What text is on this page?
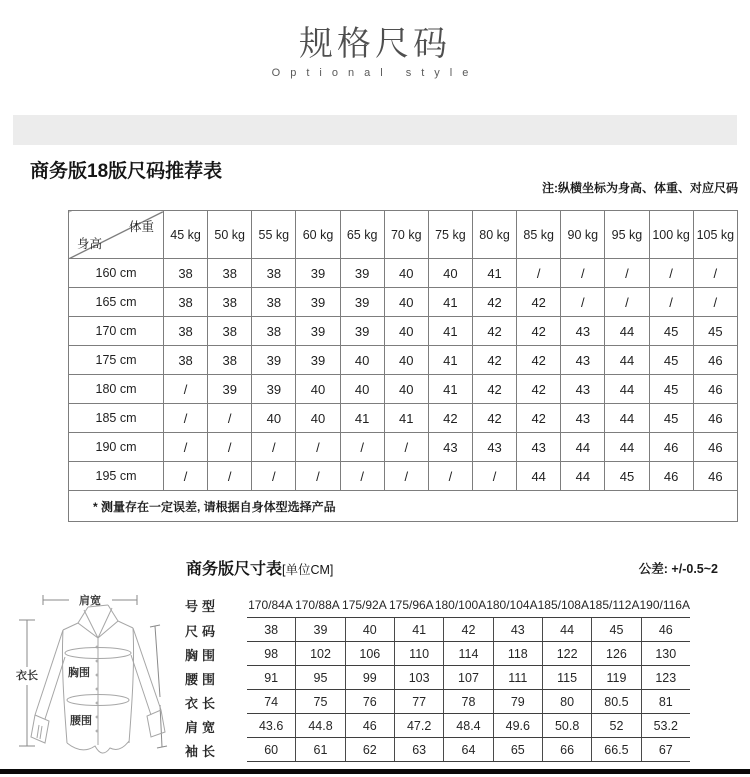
规格尺码
Optional style
商务版18版尺码推荐表
注:纵横坐标为身高、体重、对应尺码
体重
身高	45 kg	50 kg	55 kg	60 kg	65 kg	70 kg	75 kg	80 kg	85 kg	90 kg	95 kg	100 kg	105 kg
160 cm	38	38	38	39	39	40	40	41	/	/	/	/	/
165 cm	38	38	38	39	39	40	41	42	42	/	/	/	/
170 cm	38	38	38	39	39	40	41	42	42	43	44	45	45
175 cm	38	38	39	39	40	40	41	42	42	43	44	45	46
180 cm	/	39	39	40	40	40	41	42	42	43	44	45	46
185 cm	/	/	40	40	41	41	42	42	42	43	44	45	46
190 cm	/	/	/	/	/	/	43	43	43	44	44	46	46
195 cm	/	/	/	/	/	/	/	/	44	44	45	46	46
* 测量存在一定误差, 请根据自身体型选择产品													
商务版尺寸表[单位CM]	公差: +/-0.5~2
肩宽
衣长	胸围
腰围
号型	170/84A 170/88A 175/92A 175/96A 180/100A 180/104A 185/108A 185/112A 190/116A
尺码	38	39	40	41	42	43	44	45	46
胸围	98	102	106	110	114	118	122	126	130
腰围	91	95	99	103	107	111	115	119	123
衣长	74	75	76	77	78	79	80	80.5	81
肩宽	43.6	44.8	46	47.2	48.4	49.6	50.8	52	53.2
袖长	60	61	62	63	64	65	66	66.5	67
